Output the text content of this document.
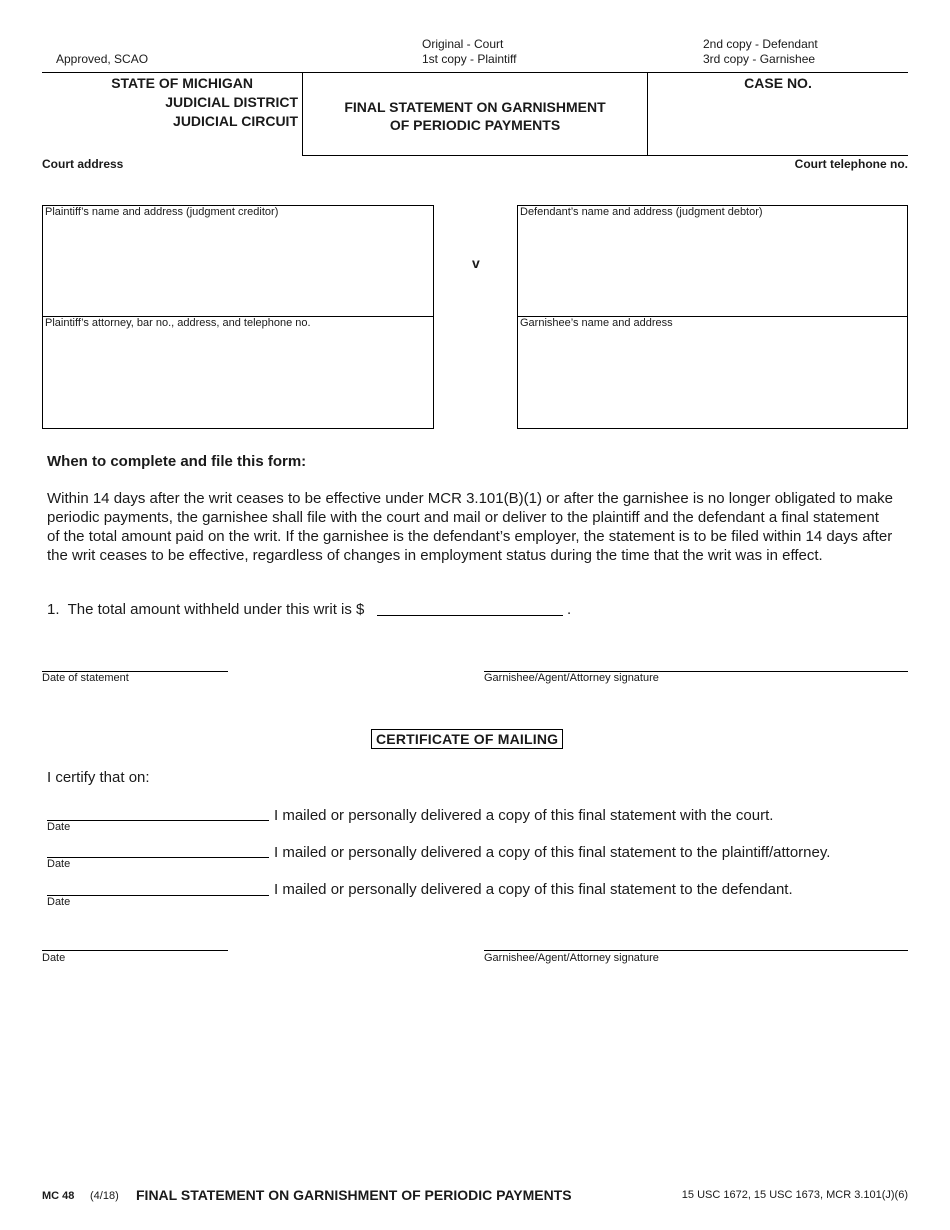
Approved, SCAO
Original - Court
1st copy - Plaintiff
2nd copy - Defendant
3rd copy - Garnishee
STATE OF MICHIGAN
JUDICIAL DISTRICT
JUDICIAL CIRCUIT
FINAL STATEMENT ON GARNISHMENT
OF PERIODIC PAYMENTS
CASE NO.
Court address	Court telephone no.
Plaintiff’s name and address (judgment creditor)
Plaintiff’s attorney, bar no., address, and telephone no.
v
Defendant’s name and address (judgment debtor)
Garnishee’s name and address
When to complete and file this form:
Within 14 days after the writ ceases to be effective under MCR 3.101(B)(1) or after the garnishee is no longer obligated to make
periodic payments, the garnishee shall file with the court and mail or deliver to the plaintiff and the defendant a final statement
of the total amount paid on the writ. If the garnishee is the defendant’s employer, the statement is to be filed within 14 days after
the writ ceases to be effective, regardless of changes in employment status during the time that the writ was in effect.
1.  The total amount withheld under this writ is $	.
Date of statement	Garnishee/Agent/Attorney signature
CERTIFICATE OF MAILING
I certify that on:
Date
I mailed or personally delivered a copy of this final statement with the court.
Date
I mailed or personally delivered a copy of this final statement to the plaintiff/attorney.
Date
I mailed or personally delivered a copy of this final statement to the defendant.
Date	Garnishee/Agent/Attorney signature
MC 48 (4/18) FINAL STATEMENT ON GARNISHMENT OF PERIODIC PAYMENTS	15 USC 1672, 15 USC 1673, MCR 3.101(J)(6)
